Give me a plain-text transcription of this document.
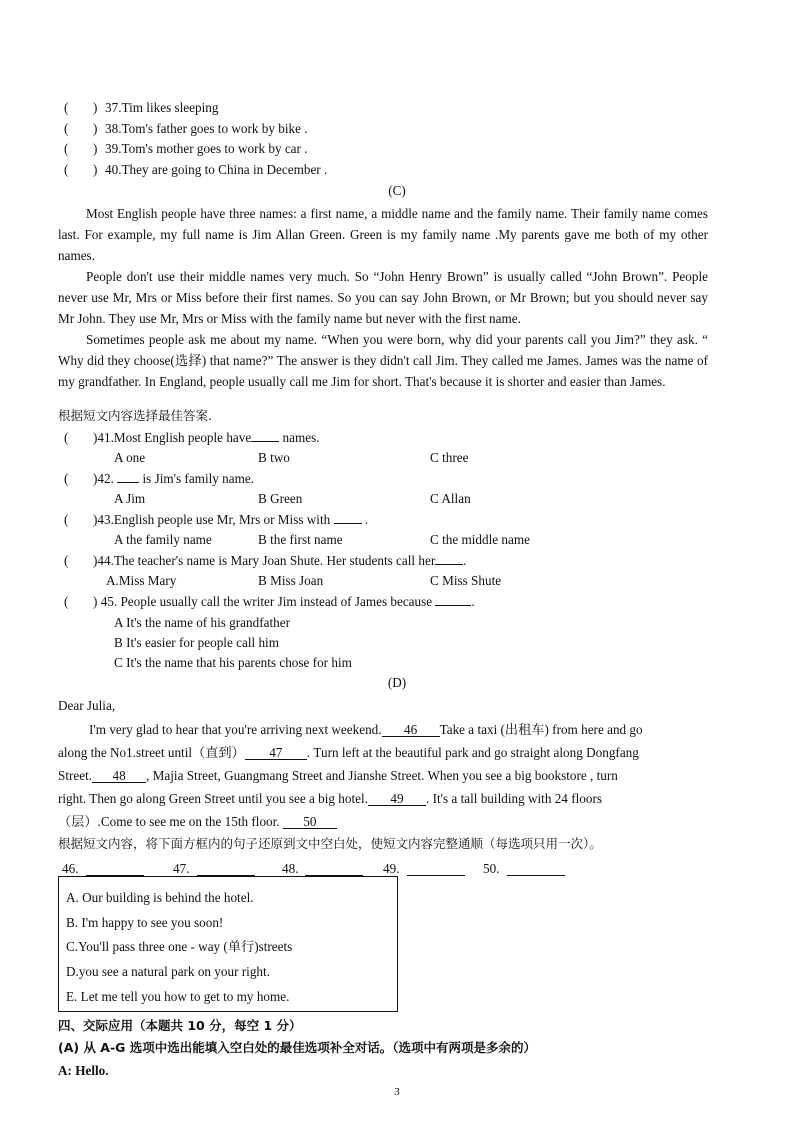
( ) 37.Tim likes sleeping
( ) 38.Tom's father goes to work by bike .
( ) 39.Tom's mother goes to work by car .
( ) 40.They are going to China in December .
(C)
Most English people have three names: a first name, a middle name and the family name. Their family name comes last. For example, my full name is Jim Allan Green. Green is my family name .My parents gave me both of my other names.
People don't use their middle names very much. So “John Henry Brown” is usually called “John Brown”. People never use Mr, Mrs or Miss before their first names. So you can say John Brown, or Mr Brown; but you should never say Mr John. They use Mr, Mrs or Miss with the family name but never with the first name.
Sometimes people ask me about my name. “When you were born, why did your parents call you Jim?” they ask. “ Why did they choose(选择) that name?” The answer is they didn't call Jim. They called me James. James was the name of my grandfather. In England, people usually call me Jim for short. That's because it is shorter and easier than James.
根据短文内容选择最佳答案.
( )41.Most English people have names.
A one	B two	C three
( )42. is Jim's family name.
A Jim	B Green	C Allan
( )43.English people use Mr, Mrs or Miss with	.
A the family name	B the first name	C the middle name
( )44.The teacher's name is Mary Joan Shute. Her students call her .
A.Miss Mary	B Miss Joan	C Miss Shute
( ) 45. People usually call the writer Jim instead of James because	.
A It's the name of his grandfather
B It's easier for people call him
C It's the name that his parents chose for him
(D)
Dear Julia,
I'm very glad to hear that you're arriving next weekend. 46 Take a taxi (出租车) from here and go
along the No1.street until（直到） 47 . Turn left at the beautiful park and go straight along Dongfang
Street. 48 , Majia Street, Guangmang Street and Jianshe Street. When you see a big bookstore , turn
right. Then go along Green Street until you see a big hotel. 49 . It's a tall building with 24 floors
（层）.Come to see me on the 15th floor. 50
根据短文内容，将下面方框内的句子还原到文中空白处，使短文内容完整通顺（每选项只用一次）。
46.	47.	48.	49.	50.
A. Our building is behind the hotel.
B. I'm happy to see you soon!
C.You'll pass three one - way (单行)streets
D.you see a natural park on your right.
E. Let me tell you how to get to my home.
四、交际应用（本题共 10 分，每空 1 分）
(A) 从 A-G 选项中选出能填入空白处的最佳选项补全对话。（选项中有两项是多余的）
A: Hello.
3
